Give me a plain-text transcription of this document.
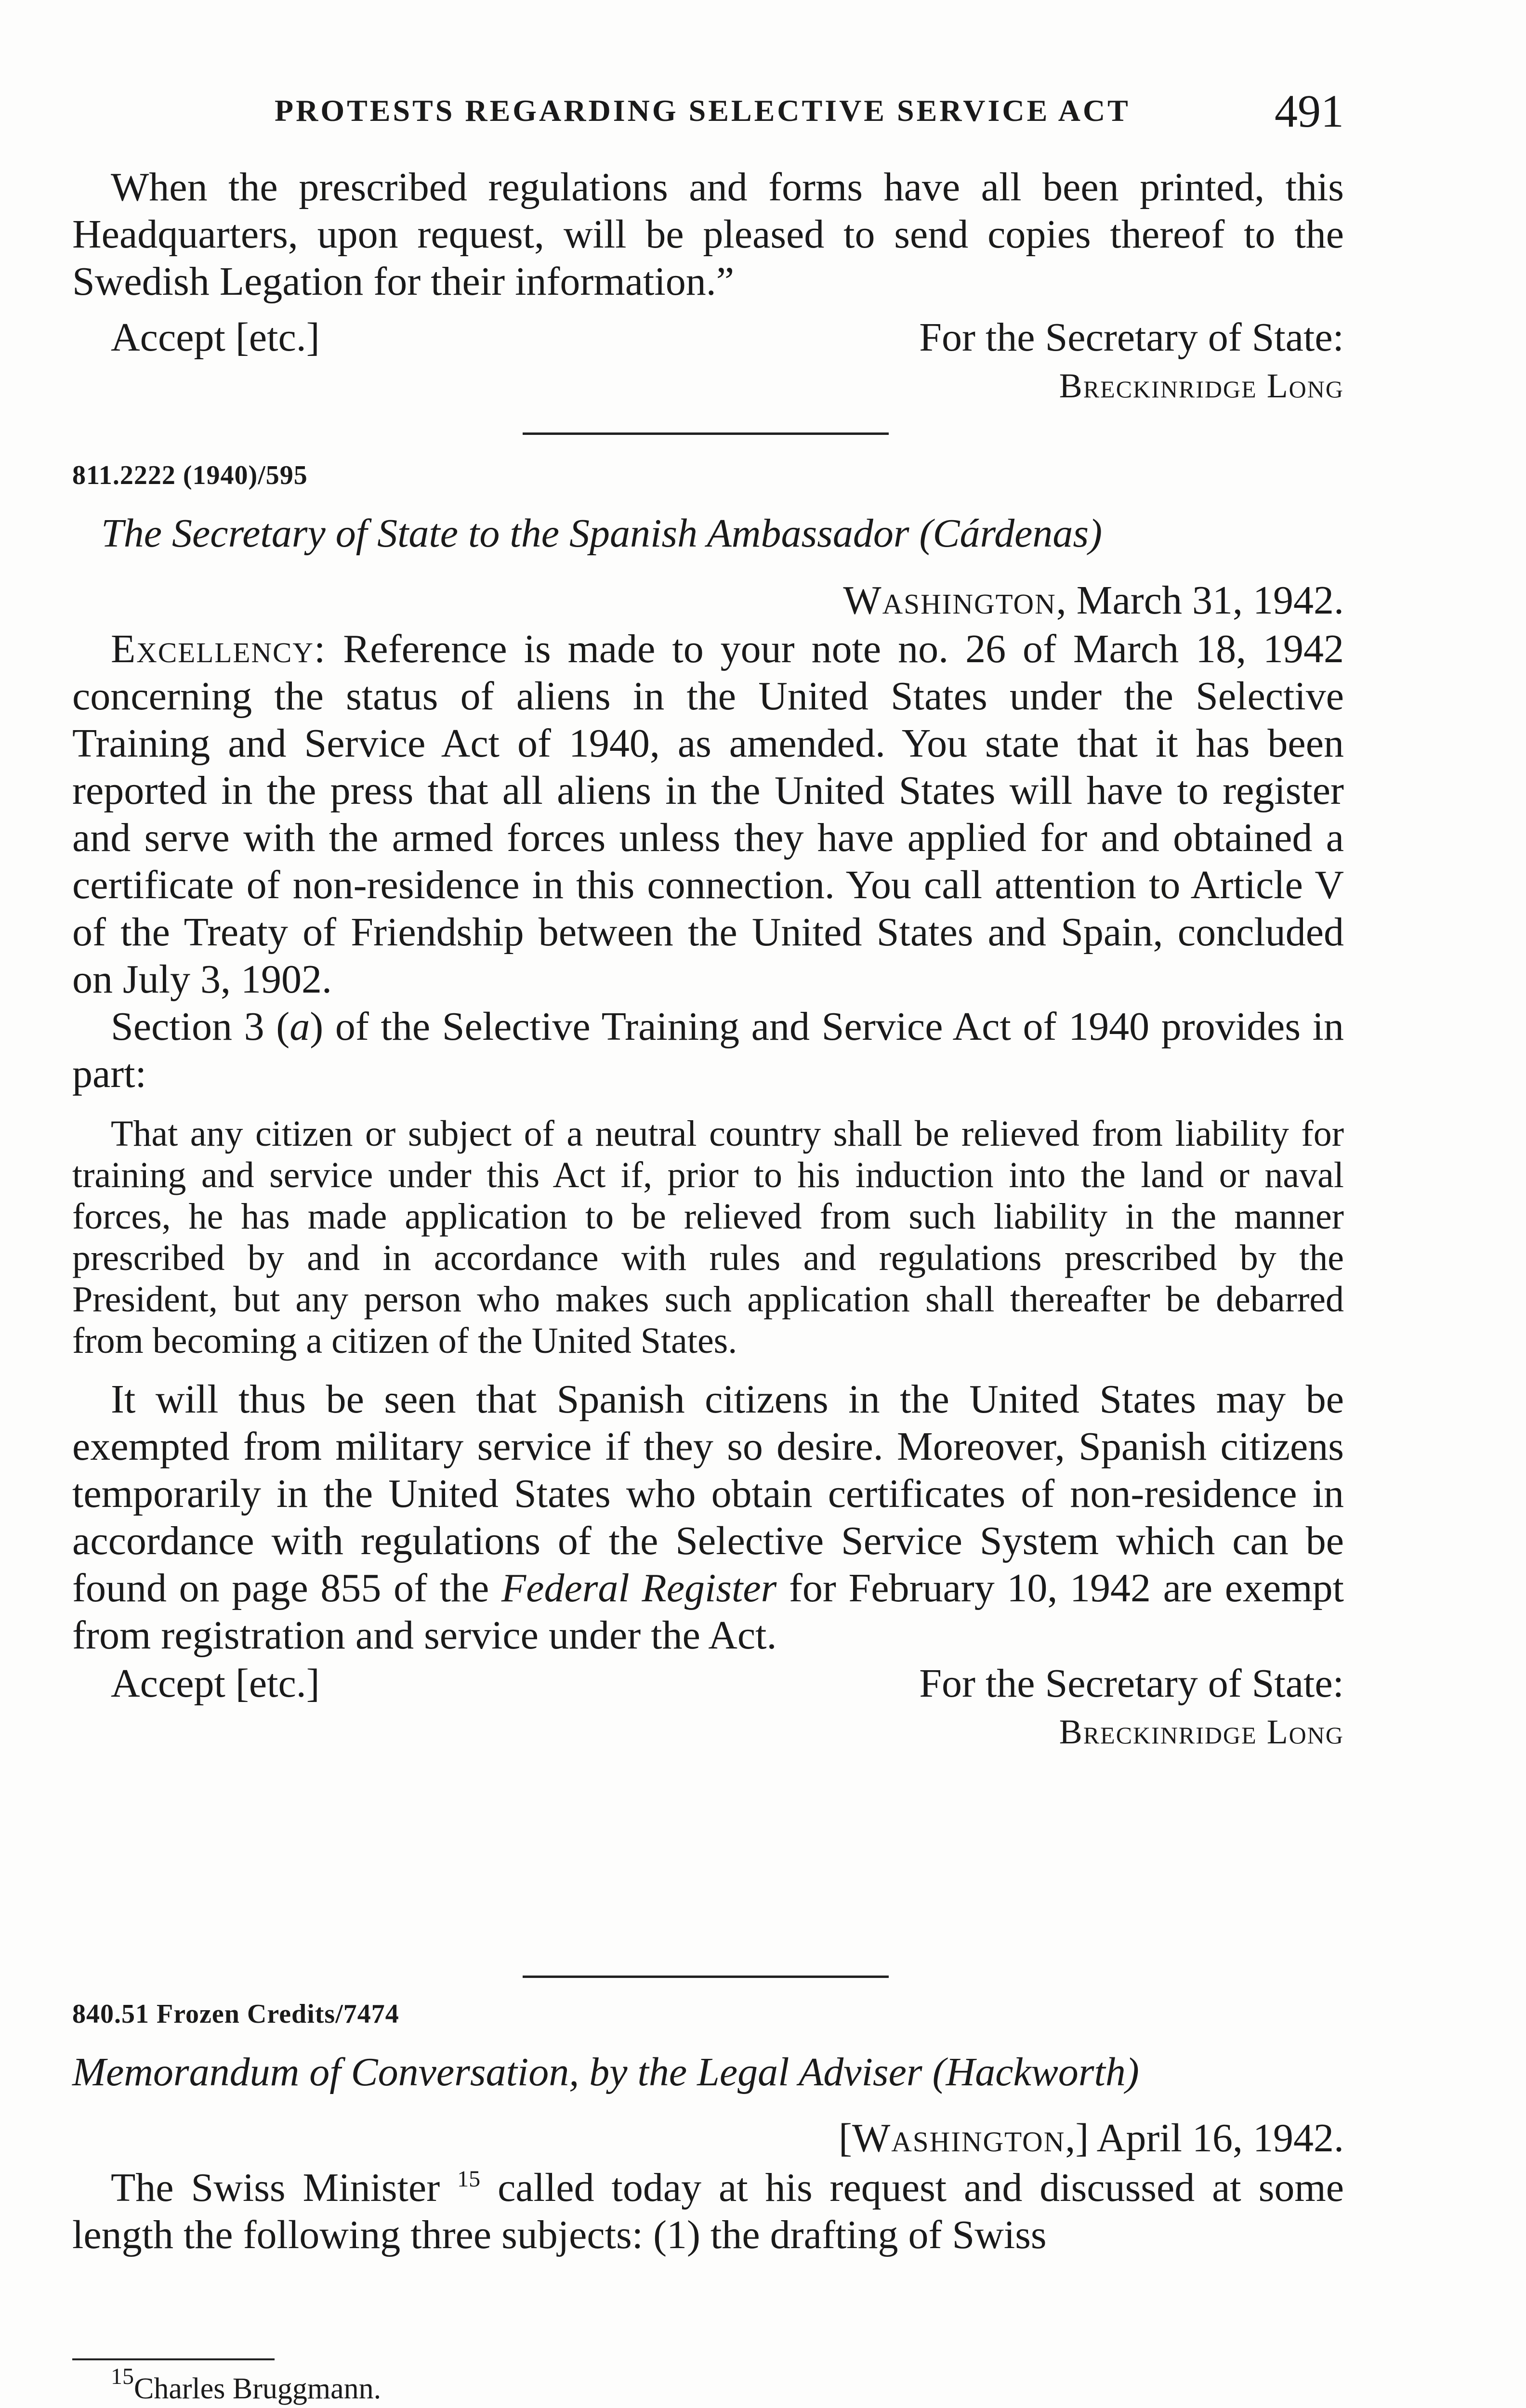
PROTESTS REGARDING SELECTIVE SERVICE ACT	491

When the prescribed regulations and forms have all been printed, this Headquarters, upon request, will be pleased to send copies thereof to the Swedish Legation for their information.”

Accept [etc.]	For the Secretary of State:
Breckinridge Long
811.2222 (1940)/595
The Secretary of State to the Spanish Ambassador (Cárdenas)
Washington, March 31, 1942.

Excellency: Reference is made to your note no. 26 of March 18, 1942 concerning the status of aliens in the United States under the Selective Training and Service Act of 1940, as amended. You state that it has been reported in the press that all aliens in the United States will have to register and serve with the armed forces unless they have applied for and obtained a certificate of non-residence in this connection. You call attention to Article V of the Treaty of Friendship between the United States and Spain, concluded on July 3, 1902.

Section 3 (a) of the Selective Training and Service Act of 1940 provides in part:

That any citizen or subject of a neutral country shall be relieved from liability for training and service under this Act if, prior to his induction into the land or naval forces, he has made application to be relieved from such liability in the manner prescribed by and in accordance with rules and regulations prescribed by the President, but any person who makes such application shall thereafter be debarred from becoming a citizen of the United States.

It will thus be seen that Spanish citizens in the United States may be exempted from military service if they so desire. Moreover, Spanish citizens temporarily in the United States who obtain certificates of non-residence in accordance with regulations of the Selective Service System which can be found on page 855 of the Federal Register for February 10, 1942 are exempt from registration and service under the Act.

Accept [etc.]	For the Secretary of State:
Breckinridge Long
840.51 Frozen Credits/7474
Memorandum of Conversation, by the Legal Adviser (Hackworth)
[Washington,] April 16, 1942.

The Swiss Minister $^{15}$ called today at his request and discussed at some length the following three subjects: (1) the drafting of Swiss

$^{15}$Charles Bruggmann.
